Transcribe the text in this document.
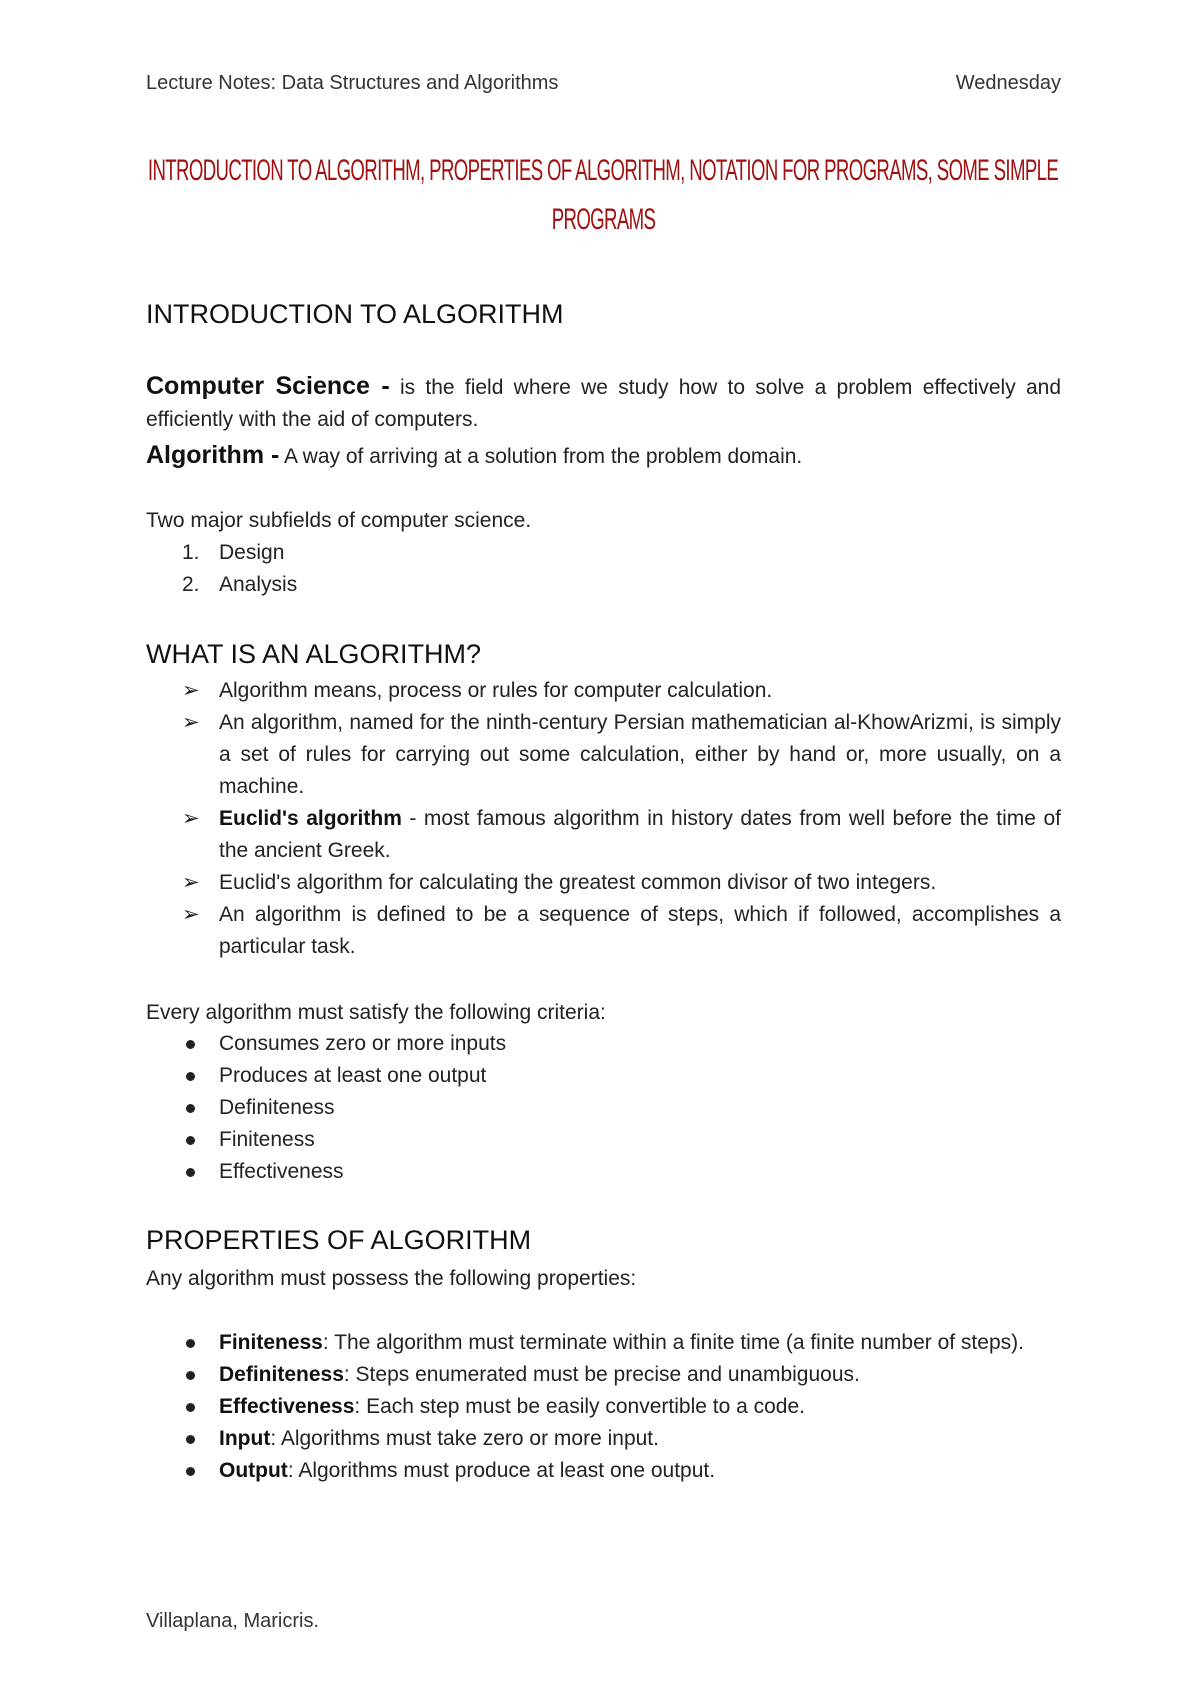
Lecture Notes: Data Structures and Algorithms	Wednesday
INTRODUCTION TO ALGORITHM, PROPERTIES OF ALGORITHM, NOTATION FOR PROGRAMS, SOME SIMPLE
PROGRAMS
INTRODUCTION TO ALGORITHM
Computer Science - is the field where we study how to solve a problem effectively and efficiently with the aid of computers.
Algorithm - A way of arriving at a solution from the problem domain.
Two major subfields of computer science.
1. Design
2. Analysis
WHAT IS AN ALGORITHM?
➢ Algorithm means, process or rules for computer calculation.
➢ An algorithm, named for the ninth-century Persian mathematician al-KhowArizmi, is simply a set of rules for carrying out some calculation, either by hand or, more usually, on a machine.
➢ Euclid's algorithm - most famous algorithm in history dates from well before the time of the ancient Greek.
➢ Euclid's algorithm for calculating the greatest common divisor of two integers.
➢ An algorithm is defined to be a sequence of steps, which if followed, accomplishes a particular task.
Every algorithm must satisfy the following criteria:
Consumes zero or more inputs
Produces at least one output
Definiteness
Finiteness
Effectiveness
PROPERTIES OF ALGORITHM
Any algorithm must possess the following properties:
Finiteness: The algorithm must terminate within a finite time (a finite number of steps).
Definiteness: Steps enumerated must be precise and unambiguous.
Effectiveness: Each step must be easily convertible to a code.
Input: Algorithms must take zero or more input.
Output: Algorithms must produce at least one output.
Villaplana, Maricris.
